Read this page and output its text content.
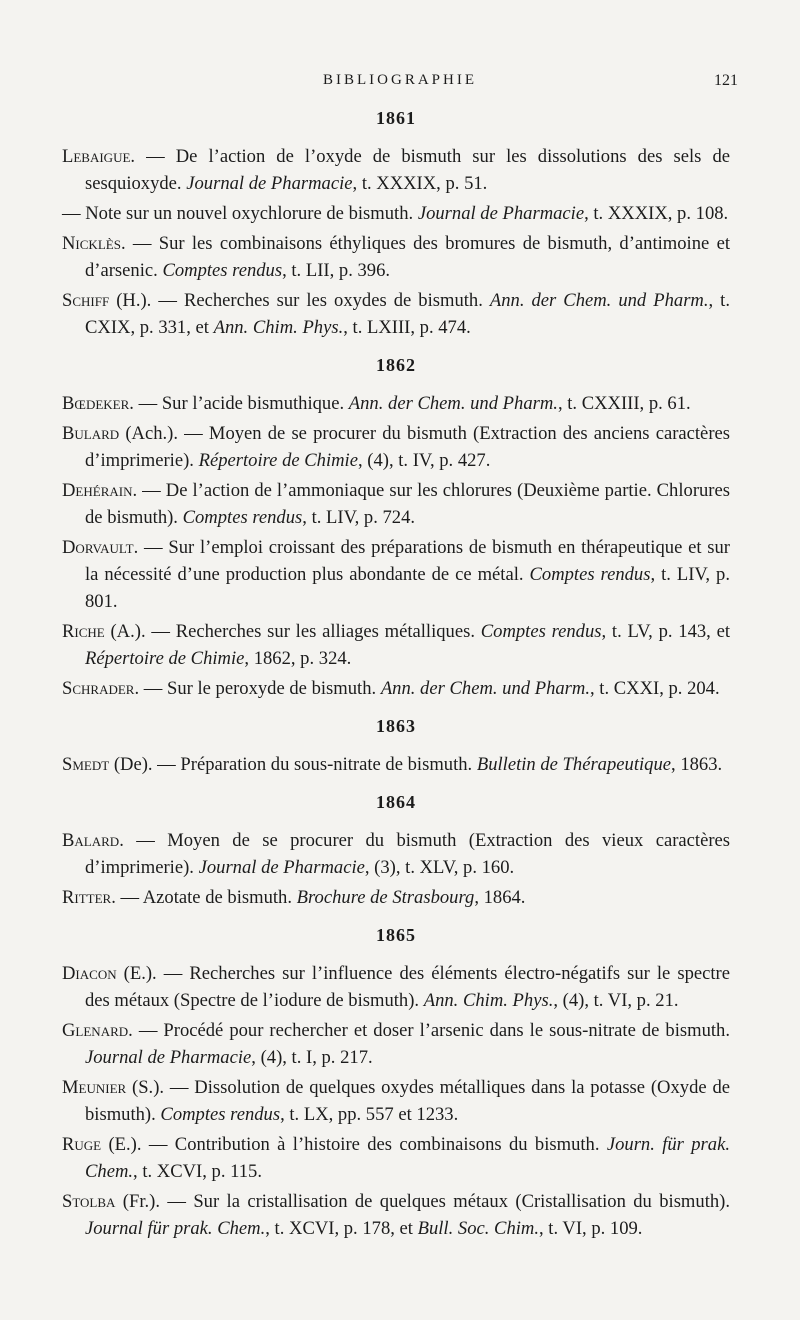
BIBLIOGRAPHIE	121
1861

Lebaigue. — De l’action de l’oxyde de bismuth sur les dissolutions des sels de sesquioxyde. Journal de Pharmacie, t. XXXIX, p. 51.

— Note sur un nouvel oxychlorure de bismuth. Journal de Pharmacie, t. XXXIX, p. 108.

Nicklès. — Sur les combinaisons éthyliques des bromures de bismuth, d’antimoine et d’arsenic. Comptes rendus, t. LII, p. 396.

Schiff (H.). — Recherches sur les oxydes de bismuth. Ann. der Chem. und Pharm., t. CXIX, p. 331, et Ann. Chim. Phys., t. LXIII, p. 474.

1862

Bœdeker. — Sur l’acide bismuthique. Ann. der Chem. und Pharm., t. CXXIII, p. 61.

Bulard (Ach.). — Moyen de se procurer du bismuth (Extraction des anciens caractères d’imprimerie). Répertoire de Chimie, (4), t. IV, p. 427.

Dehérain. — De l’action de l’ammoniaque sur les chlorures (Deuxième partie. Chlorures de bismuth). Comptes rendus, t. LIV, p. 724.

Dorvault. — Sur l’emploi croissant des préparations de bismuth en thérapeutique et sur la nécessité d’une production plus abondante de ce métal. Comptes rendus, t. LIV, p. 801.

Riche (A.). — Recherches sur les alliages métalliques. Comptes rendus, t. LV, p. 143, et Répertoire de Chimie, 1862, p. 324.

Schrader. — Sur le peroxyde de bismuth. Ann. der Chem. und Pharm., t. CXXI, p. 204.

1863

Smedt (De). — Préparation du sous-nitrate de bismuth. Bulletin de Thérapeutique, 1863.

1864

Balard. — Moyen de se procurer du bismuth (Extraction des vieux caractères d’imprimerie). Journal de Pharmacie, (3), t. XLV, p. 160.

Ritter. — Azotate de bismuth. Brochure de Strasbourg, 1864.

1865

Diacon (E.). — Recherches sur l’influence des éléments électro-négatifs sur le spectre des métaux (Spectre de l’iodure de bismuth). Ann. Chim. Phys., (4), t. VI, p. 21.

Glenard. — Procédé pour rechercher et doser l’arsenic dans le sous-nitrate de bismuth. Journal de Pharmacie, (4), t. I, p. 217.

Meunier (S.). — Dissolution de quelques oxydes métalliques dans la potasse (Oxyde de bismuth). Comptes rendus, t. LX, pp. 557 et 1233.

Ruge (E.). — Contribution à l’histoire des combinaisons du bismuth. Journ. für prak. Chem., t. XCVI, p. 115.

Stolba (Fr.). — Sur la cristallisation de quelques métaux (Cristallisation du bismuth). Journal für prak. Chem., t. XCVI, p. 178, et Bull. Soc. Chim., t. VI, p. 109.
